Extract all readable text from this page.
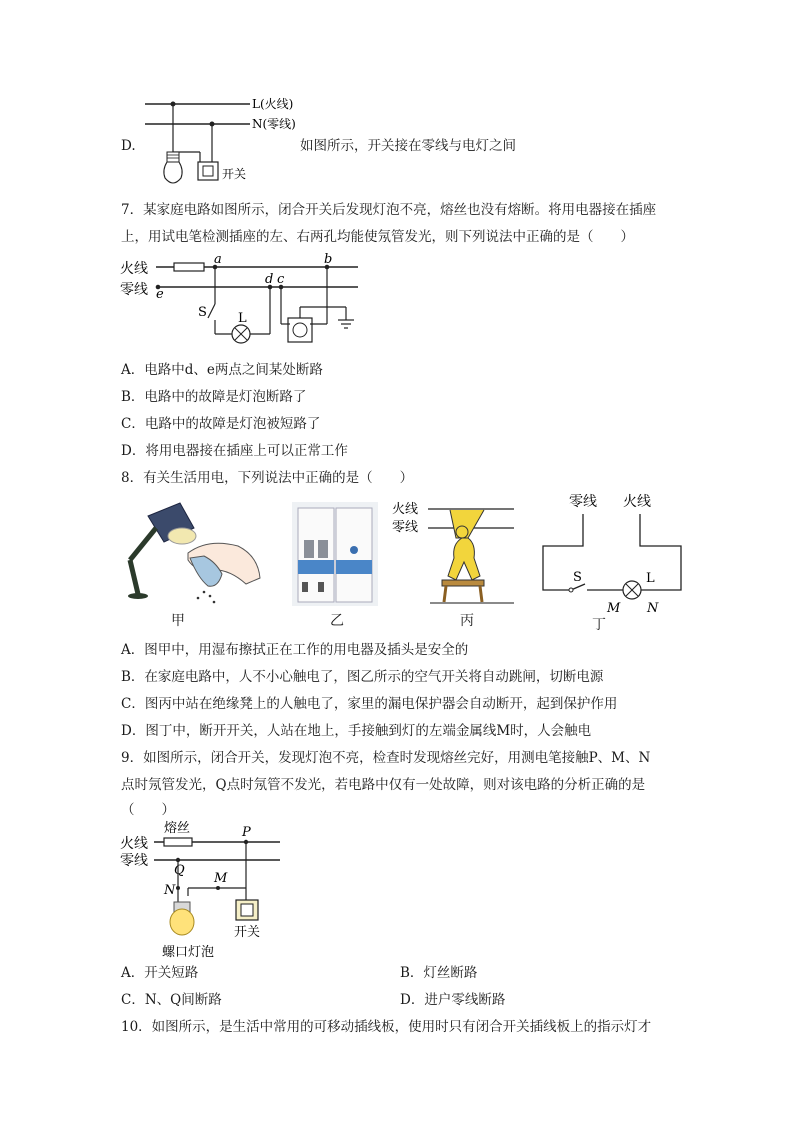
D.	如图所示，开关接在零线与电灯之间
L(火线)
N(零线)
开关
7．某家庭电路如图所示，闭合开关后发现灯泡不亮，熔丝也没有熔断。将用电器接在插座
上，用试电笔检测插座的左、右两孔均能使氖管发光，则下列说法中正确的是（　　）
火线
零线
a	b
d c
e
S L
A．电路中d、e两点之间某处断路
B．电路中的故障是灯泡断路了
C．电路中的故障是灯泡被短路了
D．将用电器接在插座上可以正常工作
8．有关生活用电，下列说法中正确的是（　　）
甲	乙
火线
零线
丙
零线 火线
S	L
M N
丁
A．图甲中，用湿布擦拭正在工作的用电器及插头是安全的
B．在家庭电路中，人不小心触电了，图乙所示的空气开关将自动跳闸，切断电源
C．图丙中站在绝缘凳上的人触电了，家里的漏电保护器会自动断开，起到保护作用
D．图丁中，断开开关，人站在地上，手接触到灯的左端金属线M时，人会触电
9．如图所示，闭合开关，发现灯泡不亮，检查时发现熔丝完好，用测电笔接触P、M、N
点时氖管发光，Q点时氖管不发光，若电路中仅有一处故障，则对该电路的分析正确的是
（　　）
熔丝
火线
零线
P
Q
N
M
螺口灯泡
开关
A．开关短路	B．灯丝断路
C．N、Q间断路	D．进户零线断路
10．如图所示，是生活中常用的可移动插线板，使用时只有闭合开关插线板上的指示灯才
